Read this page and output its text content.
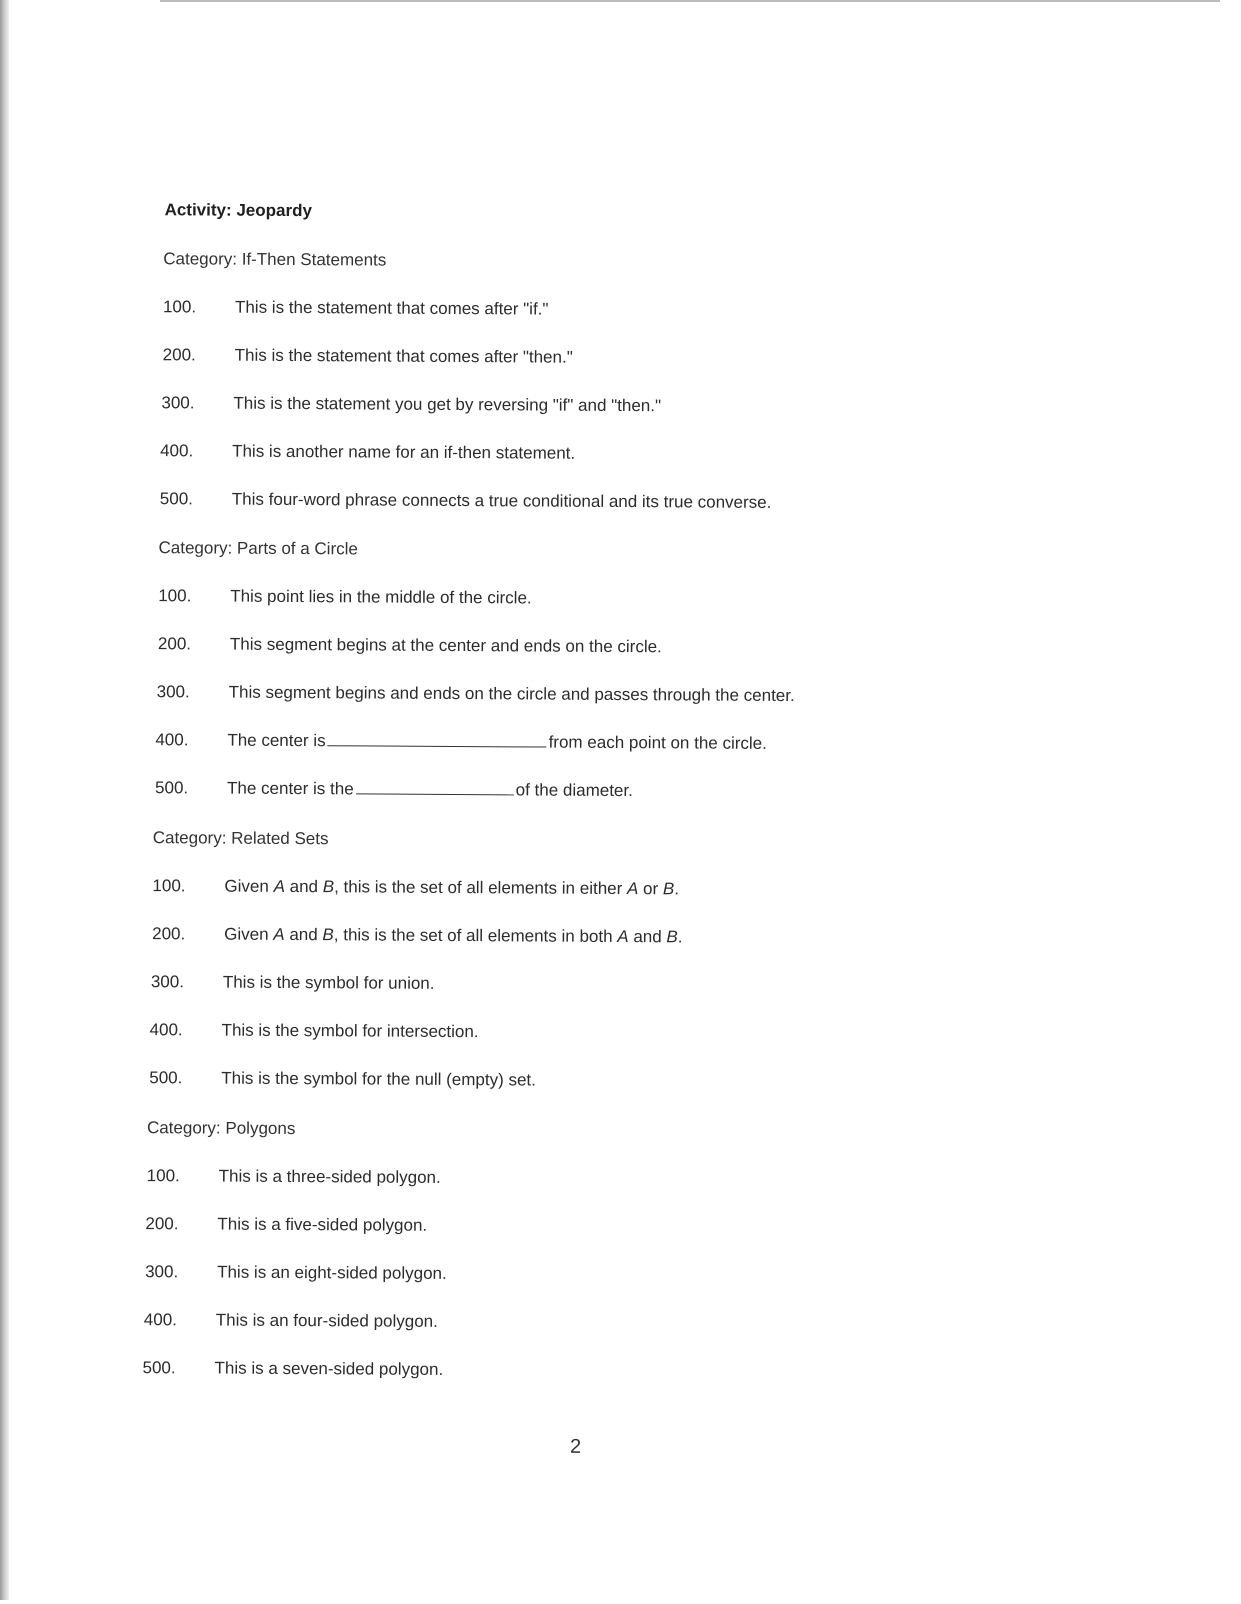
Activity: Jeopardy
Category: If-Then Statements
100. This is the statement that comes after "if."
200. This is the statement that comes after "then."
300. This is the statement you get by reversing "if" and "then."
400. This is another name for an if-then statement.
500. This four-word phrase connects a true conditional and its true converse.
Category: Parts of a Circle
100. This point lies in the middle of the circle.
200. This segment begins at the center and ends on the circle.
300. This segment begins and ends on the circle and passes through the center.
400. The center is	from each point on the circle.
500. The center is the	of the diameter.
Category: Related Sets
100. Given A and B, this is the set of all elements in either A or B.
200. Given A and B, this is the set of all elements in both A and B.
300. This is the symbol for union.
400. This is the symbol for intersection.
500. This is the symbol for the null (empty) set.
Category: Polygons
100. This is a three-sided polygon.
200. This is a five-sided polygon.
300. This is an eight-sided polygon.
400. This is an four-sided polygon.
500. This is a seven-sided polygon.
2
